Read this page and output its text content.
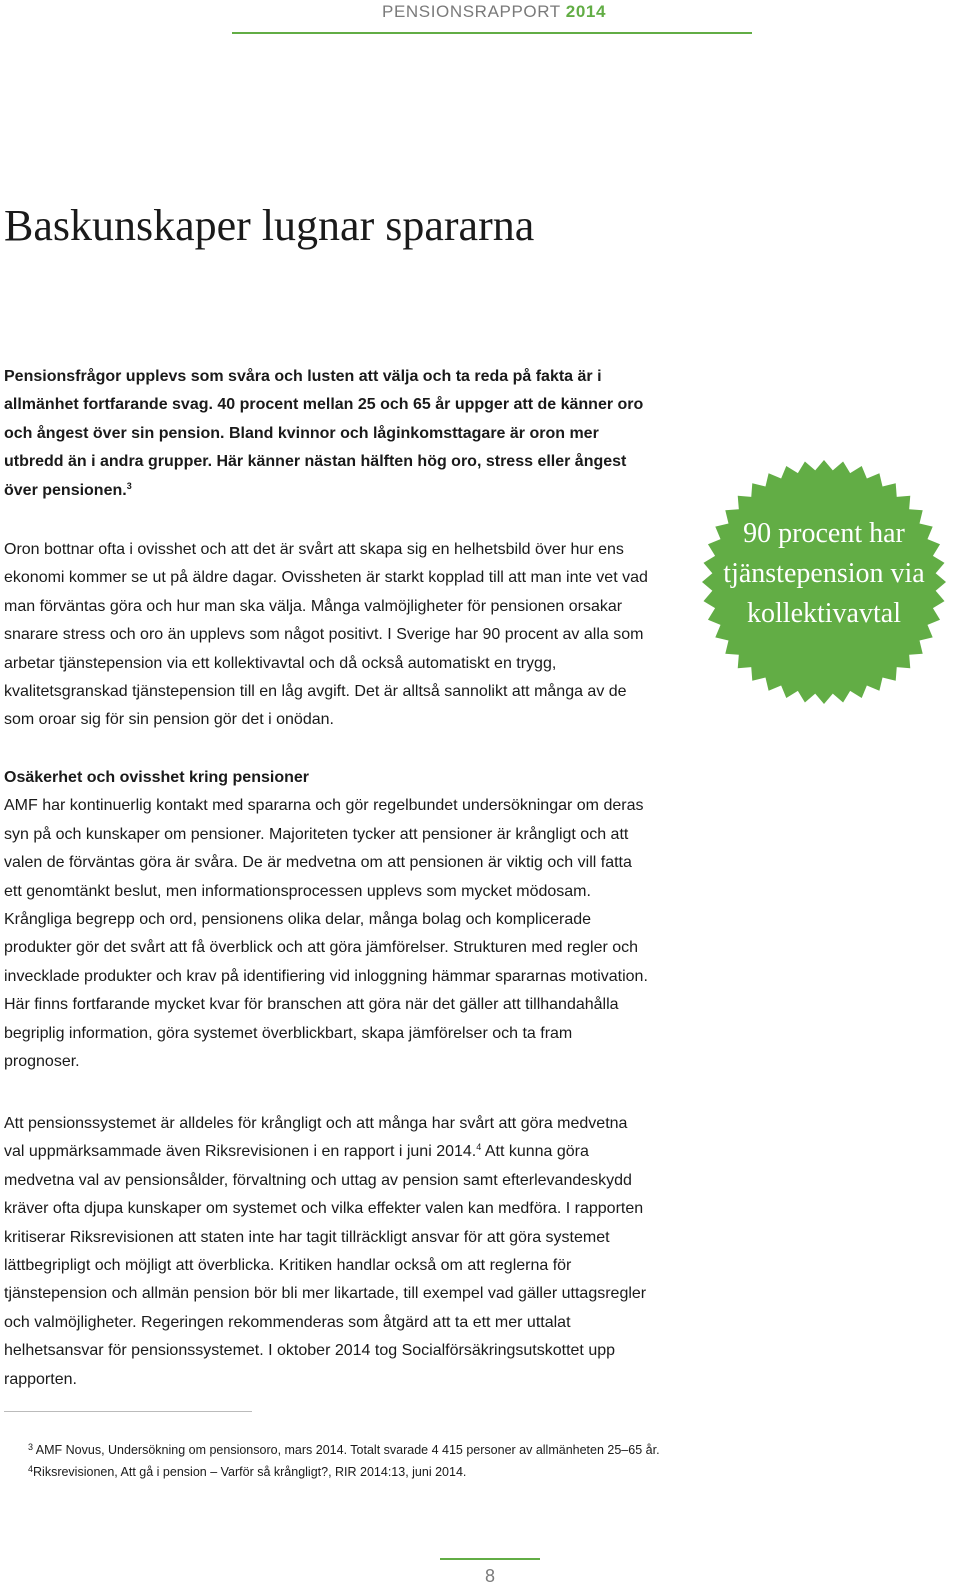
PENSIONSRAPPORT 2014
Baskunskaper lugnar spararna

Pensionsfrågor upplevs som svåra och lusten att välja och ta reda på fakta är i allmänhet fortfarande svag. 40 procent mellan 25 och 65 år uppger att de känner oro och ångest över sin pension. Bland kvinnor och låginkomsttagare är oron mer utbredd än i andra grupper. Här känner nästan hälften hög oro, stress eller ångest över pensionen.$^3$

Oron bottnar ofta i ovisshet och att det är svårt att skapa sig en helhetsbild över hur ens ekonomi kommer se ut på äldre dagar. Ovissheten är starkt kopplad till att man inte vet vad man förväntas göra och hur man ska välja. Många valmöjligheter för pensionen orsakar snarare stress och oro än upplevs som något positivt. I Sverige har 90 procent av alla som arbetar tjänstepension via ett kollektivavtal och då också automatiskt en trygg, kvalitetsgranskad tjänstepension till en låg avgift. Det är alltså sannolikt att många av de som oroar sig för sin pension gör det i onödan.

90 procent har
tjänstepension via
kollektivavtal

Osäkerhet och ovisshet kring pensioner

AMF har kontinuerlig kontakt med spararna och gör regelbundet undersökningar om deras syn på och kunskaper om pensioner. Majoriteten tycker att pensioner är krångligt och att valen de förväntas göra är svåra. De är medvetna om att pensionen är viktig och vill fatta ett genomtänkt beslut, men informationsprocessen upplevs som mycket mödosam. Krångliga begrepp och ord, pensionens olika delar, många bolag och komplicerade produkter gör det svårt att få överblick och att göra jämförelser. Strukturen med regler och invecklade produkter och krav på identifiering vid inloggning hämmar spararnas motivation. Här finns fortfarande mycket kvar för branschen att göra när det gäller att tillhandahålla begriplig information, göra systemet överblickbart, skapa jämförelser och ta fram prognoser.

Att pensionssystemet är alldeles för krångligt och att många har svårt att göra medvetna val uppmärksammade även Riksrevisionen i en rapport i juni 2014.$^4$ Att kunna göra medvetna val av pensionsålder, förvaltning och uttag av pension samt efterlevandeskydd kräver ofta djupa kunskaper om systemet och vilka effekter valen kan medföra. I rapporten kritiserar Riksrevisionen att staten inte har tagit tillräckligt ansvar för att göra systemet lättbegripligt och möjligt att överblicka. Kritiken handlar också om att reglerna för tjänstepension och allmän pension bör bli mer likartade, till exempel vad gäller uttagsregler och valmöjligheter. Regeringen rekommenderas som åtgärd att ta ett mer uttalat helhetsansvar för pensionssystemet. I oktober 2014 tog Socialförsäkringsutskottet upp rapporten.

$^3$ AMF Novus, Undersökning om pensionsoro, mars 2014. Totalt svarade 4 415 personer av allmänheten 25–65 år.
$^4$Riksrevisionen, Att gå i pension – Varför så krångligt?, RIR 2014:13, juni 2014.
8
